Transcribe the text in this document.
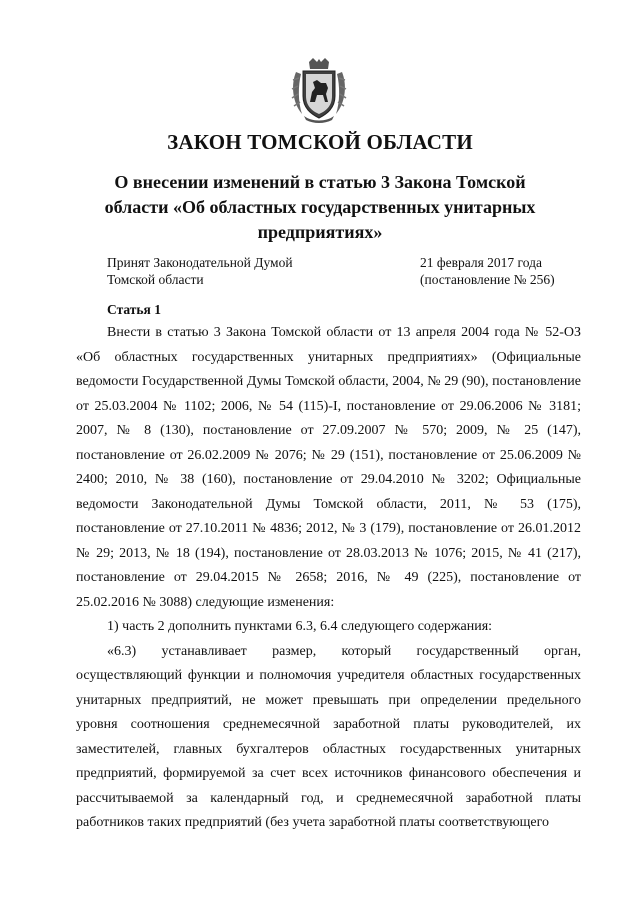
ЗАКОН ТОМСКОЙ ОБЛАСТИ
О внесении изменений в статью 3 Закона Томской области «Об областных государственных унитарных предприятиях»
Принят Законодательной Думой
Томской области
21 февраля 2017 года
(постановление № 256)
Статья 1

Внести в статью 3 Закона Томской области от 13 апреля 2004 года № 52-ОЗ «Об областных государственных унитарных предприятиях» (Официальные ведомости Государственной Думы Томской области, 2004, № 29 (90), постановление от 25.03.2004 № 1102; 2006, № 54 (115)-I, постановление от 29.06.2006 № 3181; 2007, № 8 (130), постановление от 27.09.2007 № 570; 2009, № 25 (147), постановление от 26.02.2009 № 2076; № 29 (151), постановление от 25.06.2009 № 2400; 2010, № 38 (160), постановление от 29.04.2010 № 3202; Официальные ведомости Законодательной Думы Томской области, 2011, № 53 (175), постановление от 27.10.2011 № 4836; 2012, № 3 (179), постановление от 26.01.2012 № 29; 2013, № 18 (194), постановление от 28.03.2013 № 1076; 2015, № 41 (217), постановление от 29.04.2015 № 2658; 2016, № 49 (225), постановление от 25.02.2016 № 3088) следующие изменения:

1) часть 2 дополнить пунктами 6.3, 6.4 следующего содержания:

«6.3) устанавливает размер, который государственный орган, осуществляющий функции и полномочия учредителя областных государственных унитарных предприятий, не может превышать при определении предельного уровня соотношения среднемесячной заработной платы руководителей, их заместителей, главных бухгалтеров областных государственных унитарных предприятий, формируемой за счет всех источников финансового обеспечения и рассчитываемой за календарный год, и среднемесячной заработной платы работников таких предприятий (без учета заработной платы соответствующего
